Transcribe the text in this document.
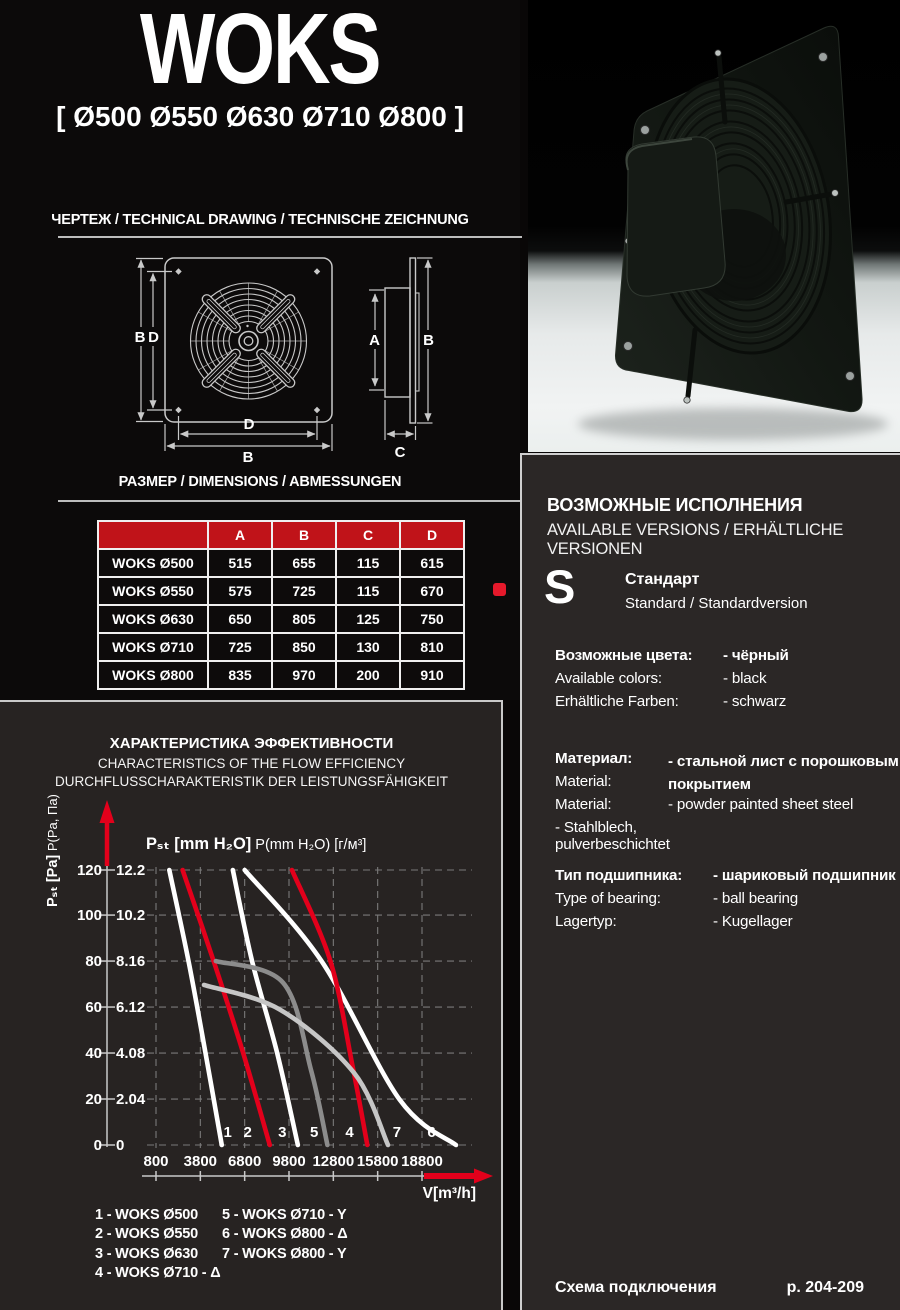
WOKS
[ Ø500 Ø550 Ø630 Ø710 Ø800 ]
ЧЕРТЕЖ / TECHNICAL DRAWING / TECHNISCHE ZEICHNUNG
B D
D
B
A	B
C
РАЗМЕР / DIMENSIONS / ABMESSUNGEN
	A	B	C	D
WOKS Ø500	515	655	115	615
WOKS Ø550	575	725	115	670
WOKS Ø630	650	805	125	750
WOKS Ø710	725	850	130	810
WOKS Ø800	835	970	200	910
ХАРАКТЕРИСТИКА ЭФФЕКТИВНОСТИ
CHARACTERISTICS OF THE FLOW EFFICIENCY
DURCHFLUSSCHARAKTERISTIK DER LEISTUNGSFÄHIGKEIT
120 12.2
100 10.2
80 8.16
60 6.12
40 4.08
20 2.04
0 0
800 3800 6800 9800 12800 15800 18800
Pₛₜ [mm H₂O] P(mm H₂O) [г/м³]
Pₛₜ [Pa] P(Pa, Па)
V[m³/h]
1 2 3	4
5	6
7
1 - WOKS Ø500
2 - WOKS Ø550
3 - WOKS Ø630
4 - WOKS Ø710 - Δ
5 - WOKS Ø710 - Y
6 - WOKS Ø800 - Δ
7 - WOKS Ø800 - Y
ВОЗМОЖНЫЕ ИСПОЛНЕНИЯ
AVAILABLE VERSIONS / ERHÄLTLICHE VERSIONEN
S	Стандарт
Standard / Standardversion
Возможные цвета:	- чёрный
Available colors:	- black
Erhältliche Farben:	- schwarz
Материал:	- стальной лист с порошковым покрытием
Material:	- powder painted sheet steel
Material:
- Stahlblech, pulverbeschichtet
Тип подшипника:	- шариковый подшипник
Type of bearing:	- ball bearing
Lagertyp:	- Kugellager
Схема подключения	p. 204-209
